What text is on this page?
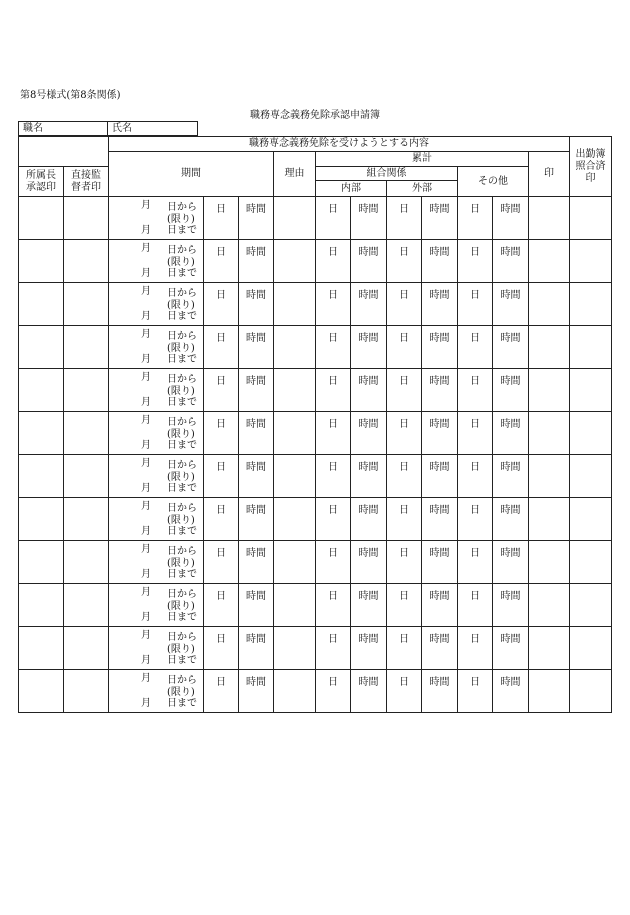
第8号様式(第8条関係)
職務専念義務免除承認申請簿
職名	氏名
		職務専念義務免除を受けようとする内容											出勤簿照合済印
		期間			理由	累計						印	
所属長承認印	直接監督者印					組合関係				その他			
						内部		外部					

		月 日から
(限り)
月 日まで	日	時間		日	時間	日	時間	日	時間		

		月 日から
(限り)
月 日まで	日	時間		日	時間	日	時間	日	時間		

		月 日から
(限り)
月 日まで	日	時間		日	時間	日	時間	日	時間		

		月 日から
(限り)
月 日まで	日	時間		日	時間	日	時間	日	時間		

		月 日から
(限り)
月 日まで	日	時間		日	時間	日	時間	日	時間		

		月 日から
(限り)
月 日まで	日	時間		日	時間	日	時間	日	時間		

		月 日から
(限り)
月 日まで	日	時間		日	時間	日	時間	日	時間		

		月 日から
(限り)
月 日まで	日	時間		日	時間	日	時間	日	時間		

		月 日から
(限り)
月 日まで	日	時間		日	時間	日	時間	日	時間		

		月 日から
(限り)
月 日まで	日	時間		日	時間	日	時間	日	時間		

		月 日から
(限り)
月 日まで	日	時間		日	時間	日	時間	日	時間		

		月 日から
(限り)
月 日まで	日	時間		日	時間	日	時間	日	時間		
